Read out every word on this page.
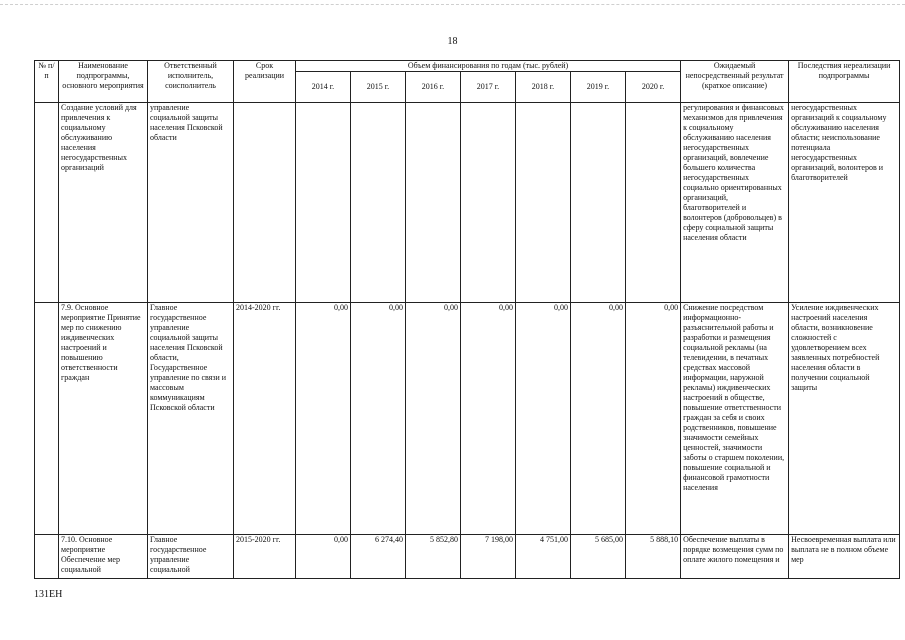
18
№ п/п	Наименование подпрограммы, основного мероприятия	Ответственный исполнитель, соисполнитель	Срок реализации	Объем финансирования по годам (тыс. рублей)							Ожидаемый непосредственный результат (краткое описание)	Последствия нереализации подпрограммы
				2014 г.	2015 г.	2016 г.	2017 г.	2018 г.	2019 г.	2020 г.		
	Создание условий для привлечения к социальному обслуживанию населения негосударственных организаций	управление социальной защиты населения Псковской области									регулирования и финансовых механизмов для привлечения к социальному обслуживанию населения негосударственных организаций, вовлечение большего количества негосударственных социально ориентированных организаций, благотворителей и волонтеров (добровольцев) в сферу социальной защиты населения области	негосударственных организаций к социальному обслуживанию населения области; неиспользование потенциала негосударственных организаций, волонтеров и благотворителей
	7.9. Основное мероприятие Принятие мер по снижению иждивенческих настроений и повышению ответственности граждан	Главное государственное управление социальной защиты населения Псковской области, Государственное управление по связи и массовым коммуникациям Псковской области	2014-2020 гг.	0,00	0,00	0,00	0,00	0,00	0,00	0,00	Снижение посредством информационно-разъяснительной работы и разработки и размещения социальной рекламы (на телевидении, в печатных средствах массовой информации, наружной рекламы) иждивенческих настроений в обществе, повышение ответственности граждан за себя и своих родственников, повышение значимости семейных ценностей, значимости заботы о старшем поколении, повышение социальной и финансовой грамотности населения	Усиление иждивенческих настроений населения области, возникновение сложностей с удовлетворением всех заявленных потребностей населения области в получении социальной защиты
	7.10. Основное мероприятие Обеспечение мер социальной	Главное государственное управление социальной	2015-2020 гг.	0,00	6 274,40	5 852,80	7 198,00	4 751,00	5 685,00	5 888,10	Обеспечение выплаты в порядке возмещения сумм по оплате жилого помещения и	Несвоевременная выплата или выплата не в полном объеме мер
131ЕН
